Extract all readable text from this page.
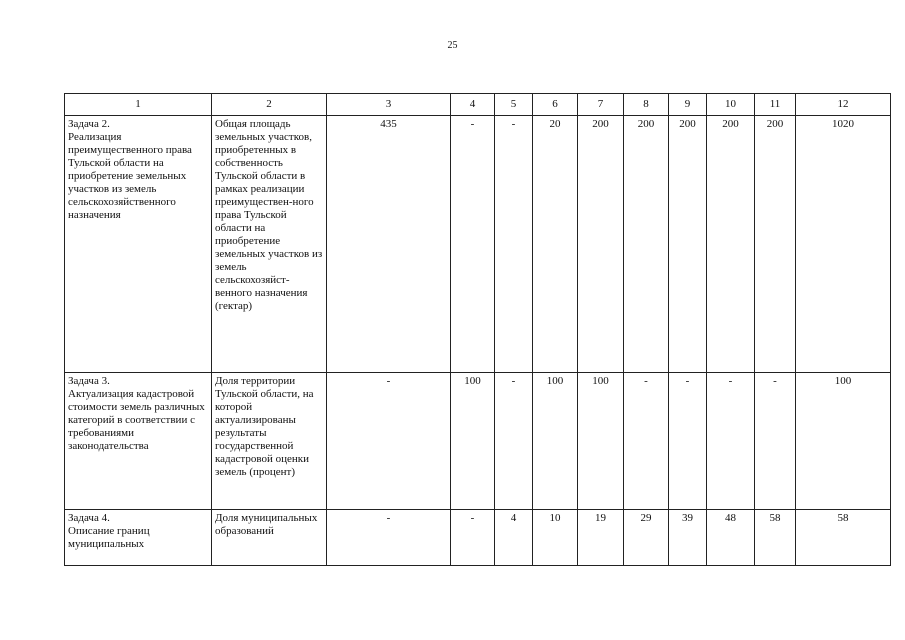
25
1	2	3	4	5	6	7	8	9	10	11	12

Задача 2.
Реализация преимущественного права Тульской области на приобретение земельных участков из земель сельскохозяйственного назначения	Общая площадь земельных участков, приобретенных в собственность Тульской области в рамках реализации преимуществен-ного права Тульской области на приобретение земельных участков из земель сельскохозяйст-венного назначения (гектар)	435	-	-	20	200	200	200	200	200	1020

Задача 3.
Актуализация кадастровой стоимости земель различных категорий в соответствии с требованиями законодательства	Доля территории Тульской области, на которой актуализированы результаты государственной кадастровой оценки земель (процент)	-	100	-	100	100	-	-	-	-	100

Задача 4.
Описание границ муниципальных	Доля муниципальных образований	-	-	4	10	19	29	39	48	58	58
